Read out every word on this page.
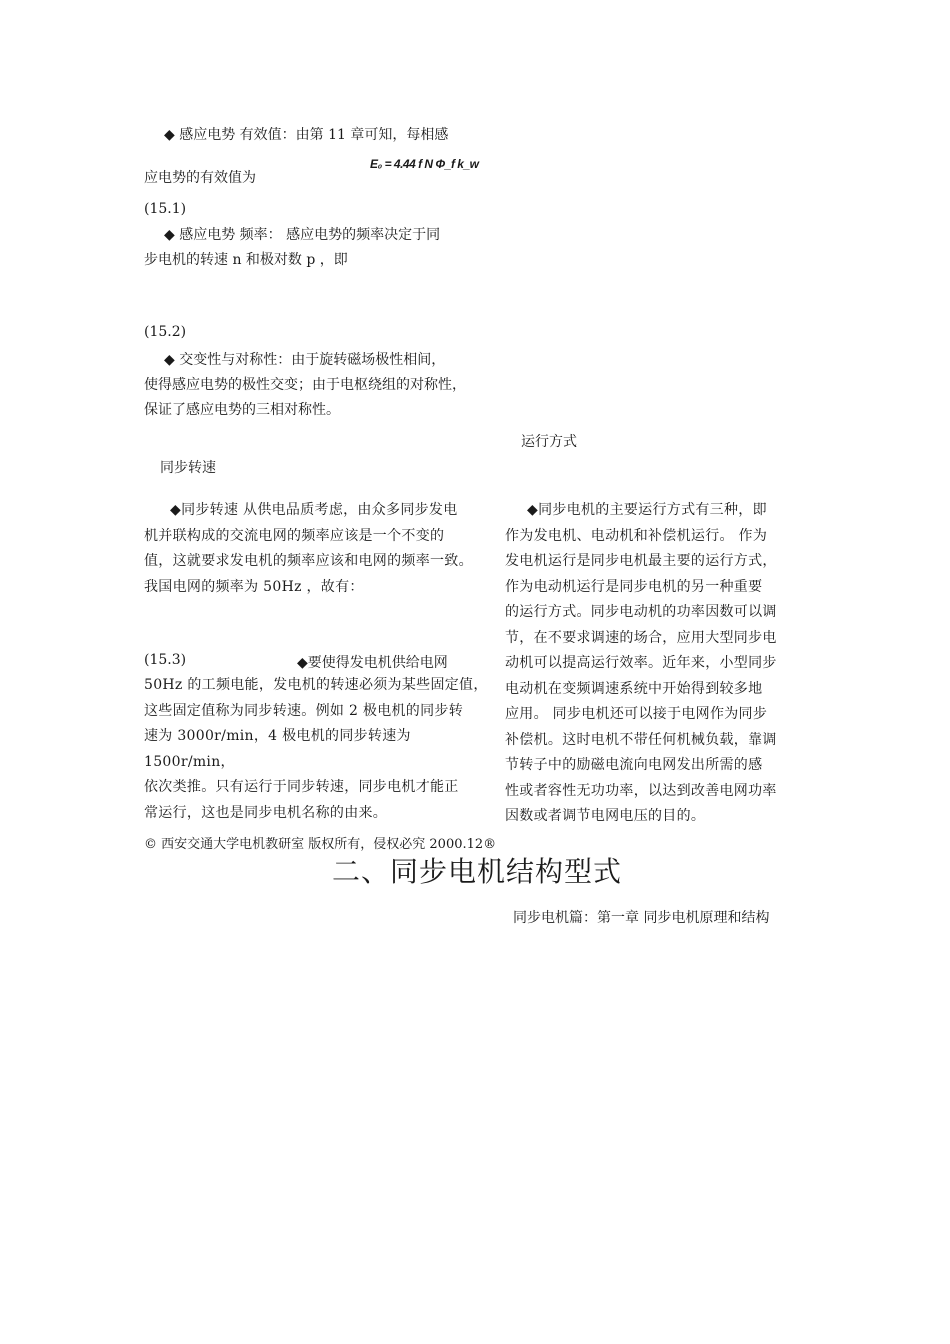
◆ 感应电势 有效值：由第 11 章可知，每相感
应电势的有效值为
E₀ = 4.44 f N Φ_f k_w
(15.1)
◆ 感应电势 频率： 感应电势的频率决定于同
步电机的转速 n 和极对数 p ，即
(15.2)
◆ 交变性与对称性：由于旋转磁场极性相间，
使得感应电势的极性交变；由于电枢绕组的对称性，
保证了感应电势的三相对称性。
运行方式
同步转速
◆同步转速 从供电品质考虑，由众多同步发电
机并联构成的交流电网的频率应该是一个不变的
值，这就要求发电机的频率应该和电网的频率一致。
我国电网的频率为 50Hz ，故有：
(15.3)	◆要使得发电机供给电网
50Hz 的工频电能，发电机的转速必须为某些固定值，
这些固定值称为同步转速。例如 2 极电机的同步转
速为 3000r/min，4 极电机的同步转速为 1500r/min，
依次类推。只有运行于同步转速，同步电机才能正
常运行，这也是同步电机名称的由来。
◆同步电机的主要运行方式有三种，即
作为发电机、电动机和补偿机运行。 作为
发电机运行是同步电机最主要的运行方式，
作为电动机运行是同步电机的另一种重要
的运行方式。同步电动机的功率因数可以调
节，在不要求调速的场合，应用大型同步电
动机可以提高运行效率。近年来，小型同步
电动机在变频调速系统中开始得到较多地
应用。 同步电机还可以接于电网作为同步
补偿机。这时电机不带任何机械负载，靠调
节转子中的励磁电流向电网发出所需的感
性或者容性无功功率，以达到改善电网功率
因数或者调节电网电压的目的。
© 西安交通大学电机教研室 版权所有，侵权必究 2000.12®
二、同步电机结构型式
同步电机篇：第一章 同步电机原理和结构
